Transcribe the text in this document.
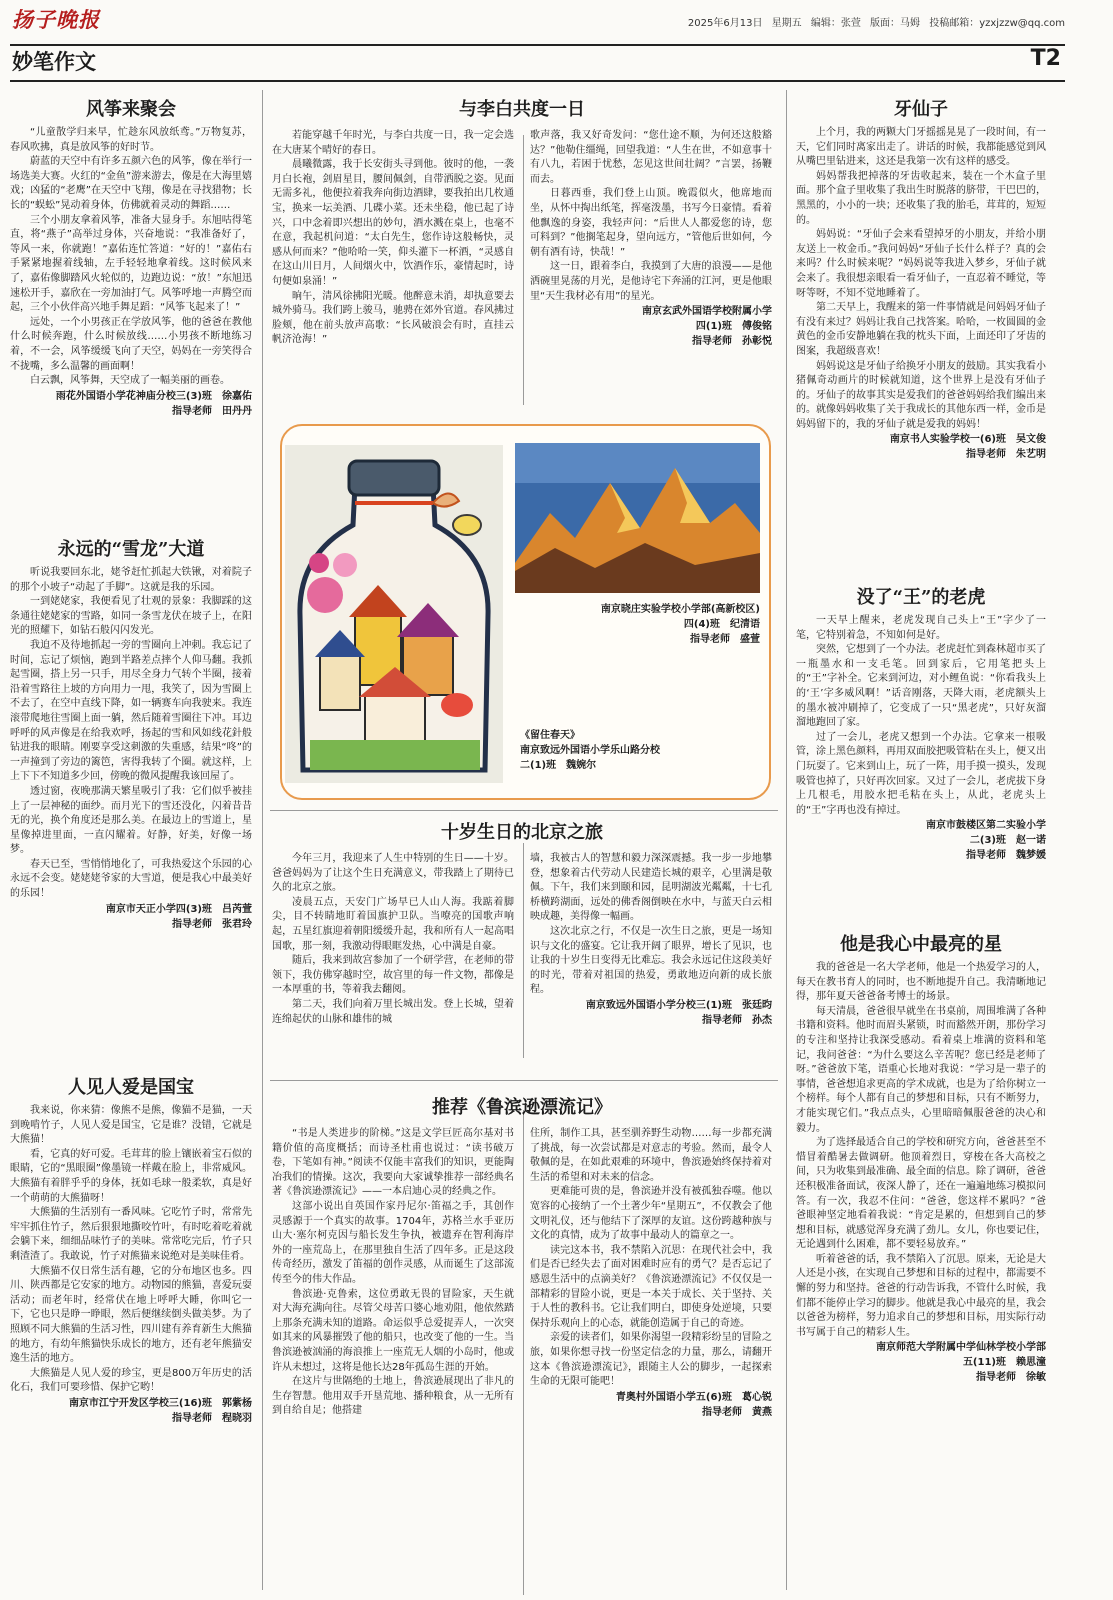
扬子晚报	2025年6月13日 星期五 编辑：张萱 版面：马姆 投稿邮箱：yzxjzzw@qq.com
妙笔作文	T2
风筝来聚会

“儿童散学归来早，忙趁东风放纸鸢。”万物复苏，春风吹拂，真是放风筝的好时节。

蔚蓝的天空中有许多五颜六色的风筝，像在举行一场选美大赛。火红的“金鱼”游来游去，像是在大海里嬉戏；凶猛的“老鹰”在天空中飞翔，像是在寻找猎物；长长的“蜈蚣”晃动着身体，仿佛就着灵动的舞蹈……

三个小朋友拿着风筝，准备大显身手。东旭咕得笔直，将“燕子”高举过身体，兴奋地说：“我准备好了，等风一来，你就跑！”嘉佑连忙答道：“好的！”嘉佑右手紧紧地握着线轴，左手轻轻地拿着线。这时候风来了，嘉佑像脚踏风火轮似的，边跑边说：“放！”东旭迅速松开手，嘉欣在一旁加油打气。风筝呼地一声腾空而起，三个小伙伴高兴地手舞足蹈：“风筝飞起来了！”

远处，一个小男孩正在学放风筝，他的爸爸在教他什么时候奔跑，什么时候放线……小男孩不断地练习着，不一会，风筝缓缓飞向了天空，妈妈在一旁笑得合不拢嘴，多么温馨的画面啊！

白云飘，风筝舞，天空成了一幅美丽的画卷。

雨花外国语小学花神庙分校三(3)班　徐嘉佑
指导老师　田丹丹
永远的“雪龙”大道

听说我要回东北，姥爷赶忙抓起大铁锹，对着院子的那个小坡子“动起了手脚”。这就是我的乐园。

一到姥姥家，我便看见了壮观的景象：我脚踩的这条通往姥姥家的雪路，如同一条雪龙伏在坡子上，在阳光的照耀下，如钻石般闪闪发光。

我迫不及待地抓起一旁的雪圈向上冲刺。我忘记了时间，忘记了烦恼，跑到半路差点摔个人仰马翻。我抓起雪圈，搭上另一只手，用尽全身力气转个半圈，接着沿着雪路往上坡的方向用力一甩，我笑了，因为雪圈上不去了，在空中直线下降，如一辆赛车向我驶来。我连滚带爬地往雪圈上面一躺，然后随着雪圈往下冲。耳边呼呼的风声像是在给我欢呼，扬起的雪和风如线花針般钻进我的眼睛。刚要享受这刺激的失重感，结果“咚”的一声撞到了旁边的篱笆，害得我转了个圈。就这样，上上下下不知道多少回，傍晚的微风提醒我该回屋了。

透过窗，夜晚那满天繁星吸引了我：它们似乎被挂上了一层神秘的面纱。而月光下的雪还没化，闪着昔昔无的光，换个角度还是那么美。在最边上的雪道上，星星像掉进里面，一直闪耀着。好静，好美，好像一场梦。

春天已至，雪悄悄地化了，可我热爱这个乐园的心永远不会变。姥姥姥爷家的大雪道，便是我心中最美好的乐园！

南京市天正小学四(3)班　吕芮萱
指导老师　张君玲
人见人爱是国宝

我来说，你来猜：像熊不是熊，像猫不是猫，一天到晚啃竹子，人见人爱是国宝，它是谁？没错，它就是大熊猫！

看，它真的好可爱。毛茸茸的脸上镶嵌着宝石似的眼睛，它的“黑眼圈”像墨镜一样戴在脸上，非常威风。大熊猫有着胖乎乎的身体，抚如毛球一般柔软，真是好一个萌萌的大熊猫呀！

大熊猫的生活别有一番风味。它吃竹子时，常常先牢牢抓住竹子，然后狠狠地撕咬竹叶，有时吃着吃着就会躺下来，细细品味竹子的美味。常常吃完后，竹子只剩渣渣了。我敢说，竹子对熊猫来说绝对是美味佳肴。

大熊猫不仅日常生活有趣，它的分布地区也多。四川、陕西都是它安家的地方。动物园的熊猫，喜爱玩耍活动；而老年时，经常伏在地上呼呼大睡，你叫它一下，它也只是睁一睁眼，然后便继续倒头做美梦。为了照顾不同大熊猫的生活习性，四川建有养育新生大熊猫的地方，有幼年熊猫快乐成长的地方，还有老年熊猫安逸生活的地方。

大熊猫是人见人爱的珍宝，更是800万年历史的活化石，我们可要珍惜、保护它哟！

南京市江宁开发区学校三(16)班　郭紫杨
指导老师　程晓羽
与李白共度一日

若能穿越千年时光，与李白共度一日，我一定会选在大唐某个晴好的春日。

晨曦微露，我于长安街头寻到他。彼时的他，一袭月白长袍，剑眉星目，腰间佩剑，自带洒脱之姿。见面无需多礼，他便拉着我奔向街边酒肆，要我拍出几枚通宝，换来一坛美酒、几碟小菜。还未坐稳，他已起了诗兴，口中念着即兴想出的妙句，酒水溅在桌上，也毫不在意，我起机问道：“太白先生，您作诗这般畅快，灵感从何而来？”他哈哈一笑，仰头灌下一杯酒，“灵感自在这山川日月，人间烟火中，饮酒作乐，豪情起时，诗句便如泉涌！”

晌午，清风徐拂阳光暖。他醉意未消，却执意要去城外骑马。我们跨上骏马，驰骋在郊外官道。春风拂过脸颊，他在前头放声高歌：“长风破浪会有时，直挂云帆济沧海！”

歌声落，我又好奇发问：“您仕途不顺，为何还这般豁达？”他勒住缰绳，回望我道：“人生在世，不如意事十有八九，若困于忧愁，怎见这世间壮阔？”言罢，扬鞭而去。

日暮西垂，我们登上山顶。晚霞似火，他席地而坐，从怀中掏出纸笔，挥毫泼墨，书写今日豪情。看着他飘逸的身姿，我轻声问：“后世人人都爱您的诗，您可料到？”他搁笔起身，望向远方，“管他后世如何，今朝有酒有诗，快哉！”

这一日，跟着李白，我摸到了大唐的浪漫——是他洒碗里晃荡的月光，是他诗宅下奔涌的江河，更是他眼里“天生我材必有用”的星光。

南京玄武外国语学校附属小学
四(1)班　傅俊铭
指导老师　孙彰悦
南京晓庄实验学校小学部(高新校区)
四(4)班　纪清语
指导老师　盛萱
《留住春天》
南京致远外国语小学乐山路分校
二(1)班　魏婉尔
十岁生日的北京之旅

今年三月，我迎来了人生中特别的生日——十岁。爸爸妈妈为了让这个生日充满意义，带我踏上了期待已久的北京之旅。

凌晨五点，天安门广场早已人山人海。我踮着脚尖，目不转睛地盯着国旗护卫队。当嘹亮的国歌声响起，五星红旗迎着朝阳缓缓升起，我和所有人一起高唱国歌，那一刻，我激动得眼眶发热，心中满是自豪。

随后，我来到故宫参加了一个研学营，在老师的带领下，我仿佛穿越时空，故宫里的每一件文物，都像是一本厚重的书，等着我去翻阅。

第二天，我们向着万里长城出发。登上长城，望着连绵起伏的山脉和雄伟的城

墙，我被古人的智慧和毅力深深震撼。我一步一步地攀登，想象着古代劳动人民建造长城的艰辛，心里满是敬佩。下午，我们来到颐和园，昆明湖波光粼粼，十七孔桥横跨湖面，远处的佛香阁倒映在水中，与蓝天白云相映成趣，美得像一幅画。

这次北京之行，不仅是一次生日之旅，更是一场知识与文化的盛宴。它让我开阔了眼界，增长了见识，也让我的十岁生日变得无比难忘。我会永远记住这段美好的时光，带着对祖国的热爱，勇敢地迈向新的成长旅程。

南京致远外国语小学分校三(1)班　张廷昀
指导老师　孙杰
推荐《鲁滨逊漂流记》

“书是人类进步的阶梯。”这是文学巨匠高尔基对书籍价值的高度概括；而诗圣杜甫也说过：“读书破万卷，下笔如有神。”阅读不仅能丰富我们的知识，更能陶冶我们的情操。这次，我要向大家诚挚推荐一部经典名著《鲁滨逊漂流记》——一本启迪心灵的经典之作。

这部小说出自英国作家丹尼尔·笛福之手，其创作灵感源于一个真实的故事。1704年，苏格兰水手亚历山大·塞尔柯克因与船长发生争执，被遗弃在智利海岸外的一座荒岛上，在那里独自生活了四年多。正是这段传奇经历，激发了笛福的创作灵感，从而诞生了这部流传至今的伟大作品。

鲁滨逊·克鲁索，这位勇敢无畏的冒险家，天生就对大海充满向往。尽管父母苦口婆心地劝阻，他依然踏上那条充满未知的道路。命运似乎总爱捉弄人，一次突如其来的风暴摧毁了他的船只，也改变了他的一生。当鲁滨逊被汹涌的海浪推上一座荒无人烟的小岛时，他或许从未想过，这将是他长达28年孤岛生涯的开始。

在这片与世隔绝的土地上，鲁滨逊展现出了非凡的生存智慧。他用双手开垦荒地、播种粮食，从一无所有到自给自足；他搭建

住所，制作工具，甚至驯养野生动物……每一步都充满了挑战，每一次尝试都是对意志的考验。然而，最令人敬佩的是，在如此艰难的环境中，鲁滨逊始终保持着对生活的希望和对未来的信念。

更难能可贵的是，鲁滨逊并没有被孤独吞噬。他以宽容的心接纳了一个土著少年“星期五”，不仅教会了他文明礼仪，还与他结下了深厚的友谊。这份跨越种族与文化的真情，成为了故事中最动人的篇章之一。

读完这本书，我不禁陷入沉思：在现代社会中，我们是否已经失去了面对困难时应有的勇气？是否忘记了感恩生活中的点滴美好？《鲁滨逊漂流记》不仅仅是一部精彩的冒险小说，更是一本关于成长、关于坚持、关于人性的教科书。它让我们明白，即使身处逆境，只要保持乐观向上的心态，就能创造属于自己的奇迹。

亲爱的读者们，如果你渴望一段精彩纷呈的冒险之旅，如果你想寻找一份坚定信念的力量，那么，请翻开这本《鲁滨逊漂流记》，跟随主人公的脚步，一起探索生命的无限可能吧！

青奥村外国语小学五(6)班　葛心锐
指导老师　黄燕
牙仙子

上个月，我的两颗大门牙摇摇晃晃了一段时间，有一天，它们同时离家出走了。讲话的时候，我都能感觉到风从嘴巴里钻进来，这还是我第一次有这样的感受。

妈妈帮我把掉落的牙齿收起来，装在一个木盒子里面。那个盒子里收集了我出生时脱落的脐带，干巴巴的，黑黑的，小小的一块；还收集了我的胎毛，茸茸的，短短的。

妈妈说：“牙仙子会来看望掉牙的小朋友，并给小朋友送上一枚金币。”我问妈妈“牙仙子长什么样子？真的会来吗？什么时候来呢？”妈妈说等我进入梦乡，牙仙子就会来了。我很想亲眼看一看牙仙子，一直忍着不睡觉，等呀等呀，不知不觉地睡着了。

第二天早上，我醒来的第一件事情就是问妈妈牙仙子有没有来过？妈妈让我自己找答案。哈哈，一枚圆圆的金黄色的金币安静地躺在我的枕头下面，上面还印了牙齿的图案，我超级喜欢！

妈妈说这是牙仙子给换牙小朋友的鼓励。其实我看小猪佩奇动画片的时候就知道，这个世界上是没有牙仙子的。牙仙子的故事其实是爱我们的爸爸妈妈给我们编出来的。就像妈妈收集了关于我成长的其他东西一样，金币是妈妈留下的，我的牙仙子就是爱我的妈妈！

南京书人实验学校一(6)班　吴文俊
指导老师　朱艺明
没了“王”的老虎

一天早上醒来，老虎发现自己头上“王”字少了一笔，它特别着急，不知如何是好。

突然，它想到了一个办法。老虎赶忙到森林超市买了一瓶墨水和一支毛笔。回到家后，它用笔把头上的“王”字补全。它来到河边，对小鲤鱼说：“你看我头上的‘王’字多威风啊！”话音刚落，天降大雨，老虎额头上的墨水被冲刷掉了，它变成了一只“黑老虎”，只好灰溜溜地跑回了家。

过了一会儿，老虎又想到一个办法。它拿来一根吸管，涂上黑色颜料，再用双面胶把吸管粘在头上，便又出门玩耍了。它来到山上，玩了一阵，用手摸一摸头，发现吸管也掉了，只好再次回家。又过了一会儿，老虎拔下身上几根毛，用胶水把毛粘在头上，从此，老虎头上的“王”字再也没有掉过。

南京市鼓楼区第二实验小学
二(3)班　赵一诺
指导老师　魏梦媛
他是我心中最亮的星

我的爸爸是一名大学老师，他是一个热爱学习的人，每天在教书育人的同时，也不断地提升自己。我清晰地记得，那年夏天爸爸备考博士的场景。

每天清晨，爸爸很早就坐在书桌前，周围堆满了各种书籍和资料。他时而眉头紧锁，时而豁然开朗，那份学习的专注和坚持让我深受感动。看着桌上堆满的资料和笔记，我问爸爸：“为什么要这么辛苦呢？您已经是老师了呀。”爸爸放下笔，语重心长地对我说：“学习是一辈子的事情，爸爸想追求更高的学术成就，也是为了给你树立一个榜样。每个人都有自己的梦想和目标，只有不断努力，才能实现它们。”我点点头，心里暗暗佩服爸爸的决心和毅力。

为了选择最适合自己的学校和研究方向，爸爸甚至不惜冒着酷暑去做调研。他顶着烈日，穿梭在各大高校之间，只为收集到最准确、最全面的信息。除了调研，爸爸还积极准备面试，夜深人静了，还在一遍遍地练习模拟问答。有一次，我忍不住问：“爸爸，您这样不累吗？”爸爸眼神坚定地看着我说：“肯定是累的，但想到自己的梦想和目标，就感觉浑身充满了劲儿。女儿，你也要记住，无论遇到什么困难，都不要轻易放弃。”

听着爸爸的话，我不禁陷入了沉思。原来，无论是大人还是小孩，在实现自己梦想和目标的过程中，都需要不懈的努力和坚持。爸爸的行动告诉我，不管什么时候，我们都不能停止学习的脚步。他就是我心中最亮的星，我会以爸爸为榜样，努力追求自己的梦想和目标，用实际行动书写属于自己的精彩人生。

南京师范大学附属中学仙林学校小学部
五(11)班　赖思潼
指导老师　徐敏
